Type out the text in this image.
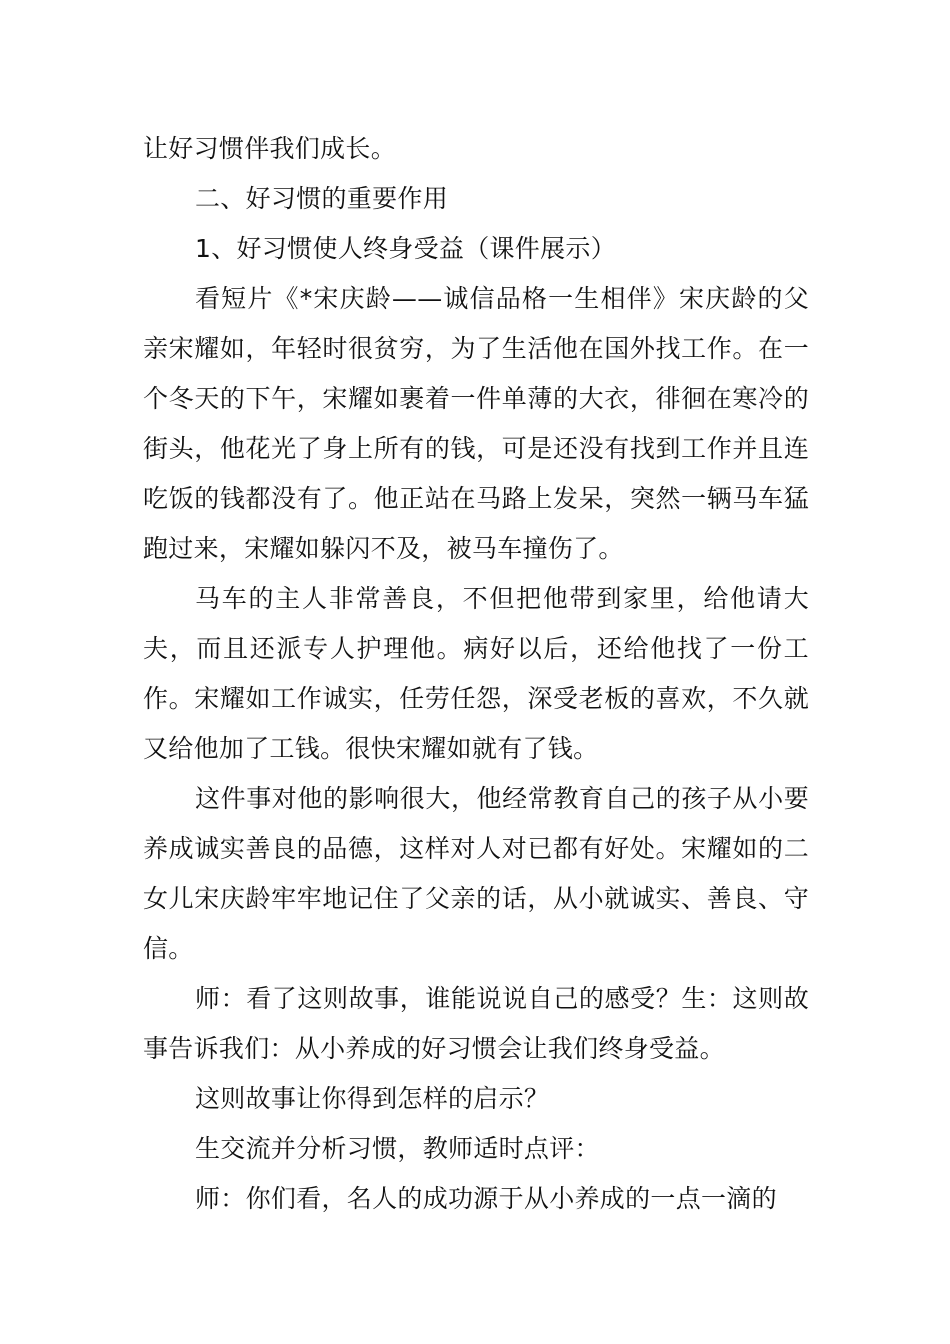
让好习惯伴我们成长。

二、好习惯的重要作用

1、好习惯使人终身受益（课件展示）

看短片《*宋庆龄——诚信品格一生相伴》宋庆龄的父亲宋耀如，年轻时很贫穷，为了生活他在国外找工作。在一个冬天的下午，宋耀如裹着一件单薄的大衣，徘徊在寒冷的街头，他花光了身上所有的钱，可是还没有找到工作并且连吃饭的钱都没有了。他正站在马路上发呆，突然一辆马车猛跑过来，宋耀如躲闪不及，被马车撞伤了。

马车的主人非常善良，不但把他带到家里，给他请大夫，而且还派专人护理他。病好以后，还给他找了一份工作。宋耀如工作诚实，任劳任怨，深受老板的喜欢，不久就又给他加了工钱。很快宋耀如就有了钱。

这件事对他的影响很大，他经常教育自己的孩子从小要养成诚实善良的品德，这样对人对已都有好处。宋耀如的二女儿宋庆龄牢牢地记住了父亲的话，从小就诚实、善良、守信。

师：看了这则故事，谁能说说自己的感受？生：这则故事告诉我们：从小养成的好习惯会让我们终身受益。

这则故事让你得到怎样的启示？

生交流并分析习惯，教师适时点评：

师：你们看，名人的成功源于从小养成的一点一滴的
